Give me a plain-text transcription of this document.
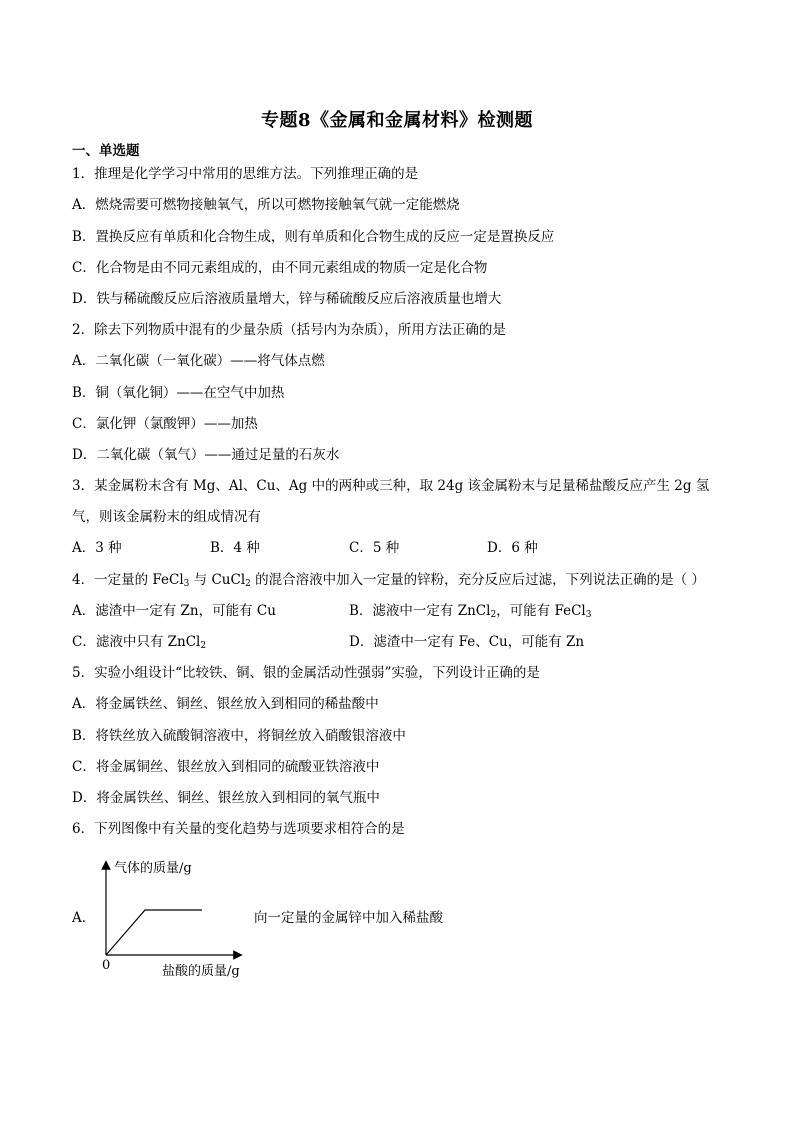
专题8《金属和金属材料》检测题
一、单选题
1．推理是化学学习中常用的思维方法。下列推理正确的是
A．燃烧需要可燃物接触氧气，所以可燃物接触氧气就一定能燃烧
B．置换反应有单质和化合物生成，则有单质和化合物生成的反应一定是置换反应
C．化合物是由不同元素组成的，由不同元素组成的物质一定是化合物
D．铁与稀硫酸反应后溶液质量增大，锌与稀硫酸反应后溶液质量也增大
2．除去下列物质中混有的少量杂质（括号内为杂质），所用方法正确的是
A．二氧化碳（一氧化碳）——将气体点燃
B．铜（氧化铜）——在空气中加热
C．氯化钾（氯酸钾）——加热
D．二氧化碳（氧气）——通过足量的石灰水
3．某金属粉末含有 Mg、Al、Cu、Ag 中的两种或三种，取 24g 该金属粉末与足量稀盐酸反应产生 2g 氢
气，则该金属粉末的组成情况有
A．3 种	B．4 种	C．5 种	D．6 种
4．一定量的 FeCl$_3$ 与 CuCl$_2$ 的混合溶液中加入一定量的锌粉，充分反应后过滤，下列说法正确的是（ ）
A．滤渣中一定有 Zn，可能有 Cu	B．滤液中一定有 ZnCl$_2$，可能有 FeCl$_3$
C．滤液中只有 ZnCl$_2$	D．滤渣中一定有 Fe、Cu，可能有 Zn
5．实验小组设计“比较铁、铜、银的金属活动性强弱”实验，下列设计正确的是
A．将金属铁丝、铜丝、银丝放入到相同的稀盐酸中
B．将铁丝放入硫酸铜溶液中，将铜丝放入硝酸银溶液中
C．将金属铜丝、银丝放入到相同的硫酸亚铁溶液中
D．将金属铁丝、铜丝、银丝放入到相同的氧气瓶中
6．下列图像中有关量的变化趋势与选项要求相符合的是
A．
气体的质量/g
0	盐酸的质量/g
向一定量的金属锌中加入稀盐酸
